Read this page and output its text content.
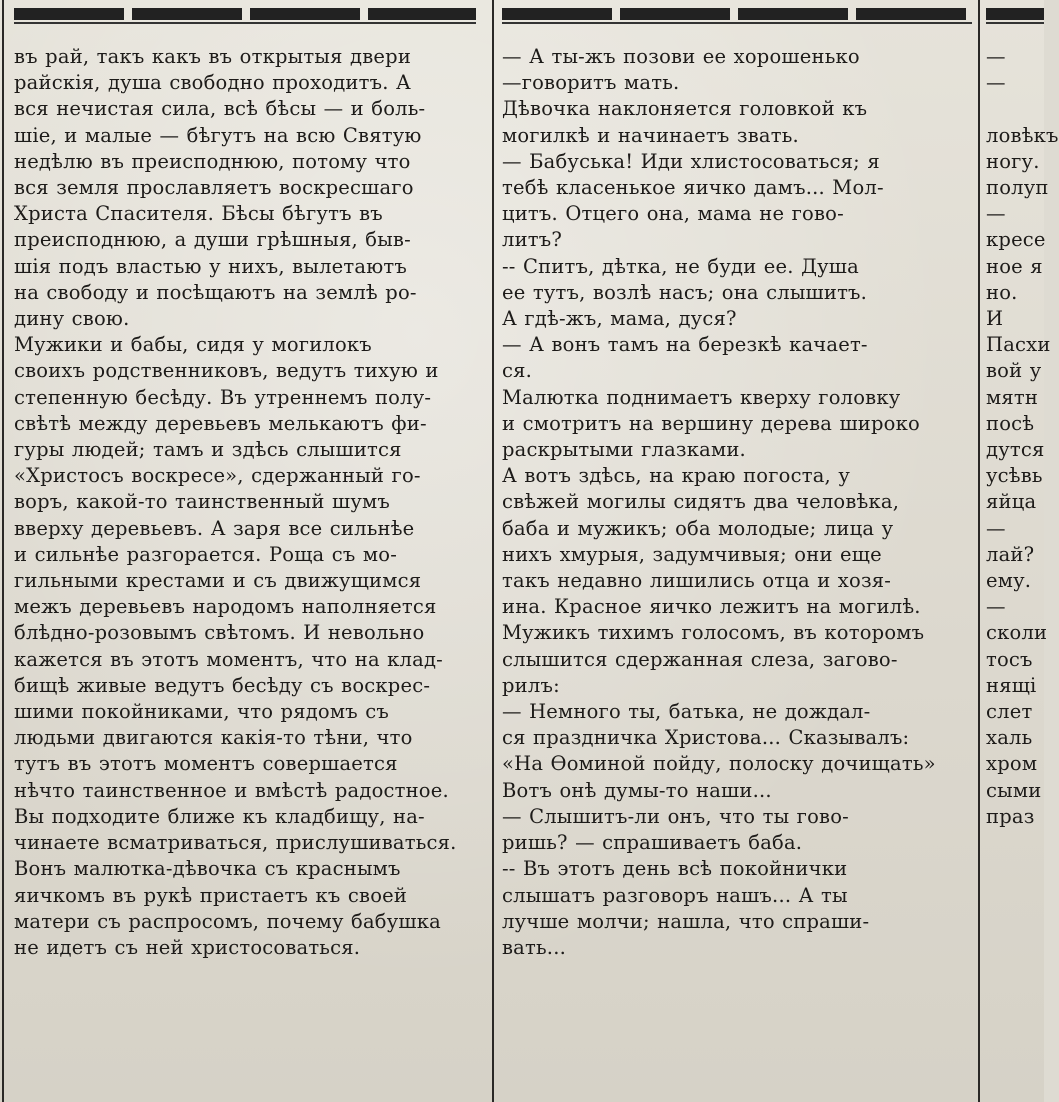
въ рай, такъ какъ въ открытыя двери
райскія, душа свободно проходитъ. А
вся нечистая сила, всѣ бѣсы — и боль-
шіе, и малые — бѣгутъ на всю Святую
недѣлю въ преисподнюю, потому что
вся земля прославляетъ воскресшаго
Христа Спасителя. Бѣсы бѣгутъ въ
преисподнюю, а души грѣшныя, быв-
шія подъ властью у нихъ, вылетаютъ
на свободу и посѣщаютъ на землѣ ро-
дину свою.
Мужики и бабы, сидя у могилокъ
своихъ родственниковъ, ведутъ тихую и
степенную бесѣду. Въ утреннемъ полу-
свѣтѣ между деревьевъ мелькаютъ фи-
гуры людей; тамъ и здѣсь слышится
«Христосъ воскресе», сдержанный го-
воръ, какой-то таинственный шумъ
вверху деревьевъ. А заря все сильнѣе
и сильнѣе разгорается. Роща съ мо-
гильными крестами и съ движущимся
межъ деревьевъ народомъ наполняется
блѣдно-розовымъ свѣтомъ. И невольно
кажется въ этотъ моментъ, что на клад-
бищѣ живые ведутъ бесѣду съ воскрес-
шими покойниками, что рядомъ съ
людьми двигаются какія-то тѣни, что
тутъ въ этотъ моментъ совершается
нѣчто таинственное и вмѣстѣ радостное.
Вы подходите ближе къ кладбищу, на-
чинаете всматриваться, прислушиваться.
Вонъ малютка-дѣвочка съ краснымъ
яичкомъ въ рукѣ пристаетъ къ своей
матери съ распросомъ, почему бабушка
не идетъ съ ней христосоваться.
— А ты-жъ позови ее хорошенько
—говоритъ мать.
Дѣвочка наклоняется головкой къ
могилкѣ и начинаетъ звать.
— Бабуська! Иди хлистосоваться; я
тебѣ класенькое яичко дамъ... Мол-
цитъ. Отцего она, мама не гово-
литъ?
-- Спитъ, дѣтка, не буди ее. Душа
ее тутъ, возлѣ насъ; она слышитъ.
А гдѣ-жъ, мама, дуся?
— А вонъ тамъ на березкѣ качает-
ся.
Малютка поднимаетъ кверху головку
и смотритъ на вершину дерева широко
раскрытыми глазками.
А вотъ здѣсь, на краю погоста, у
свѣжей могилы сидятъ два человѣка,
баба и мужикъ; оба молодые; лица у
нихъ хмурыя, задумчивыя; они еще
такъ недавно лишились отца и хозя-
ина. Красное яичко лежитъ на могилѣ.
Мужикъ тихимъ голосомъ, въ которомъ
слышится сдержанная слеза, загово-
рилъ:
— Немного ты, батька, не дождал-
ся праздничка Христова... Сказывалъ:
«На Ѳоминой пойду, полоску дочищать»
Вотъ онѣ думы-то наши...
— Слышитъ-ли онъ, что ты гово-
ришь? — спрашиваетъ баба.
-- Въ этотъ день всѣ покойнички
слышатъ разговоръ нашъ... А ты
лучше молчи; нашла, что спраши-
вать...
—
—

ловѣкъ
ногу.
полуп
—
кресе
ное я
но.
И
Пасхи
вой у
мятн
посѣ
дутся
усѣвь
яйца
—
лай?
ему.
—
сколи
тосъ
нящі
слет
халь
хром
сыми
праз
